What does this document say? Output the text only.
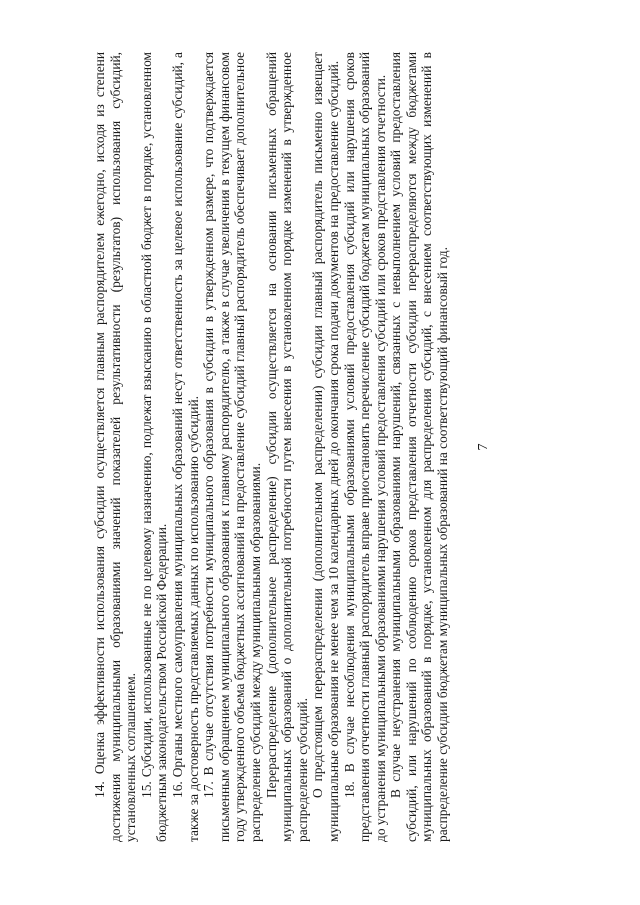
7

14. Оценка эффективности использования субсидии осуществляется главным распорядителем ежегодно, исходя из степени достижения муниципальными образованиями значений показателей результативности (результатов) использования субсидий, установленных соглашением. 15. Субсидии, использованные не по целевому назначению, подлежат взысканию в областной бюджет в порядке, установленном бюджетным законодательством Российской Федерации. 16. Органы местного самоуправления муниципальных образований несут ответственность за целевое использование субсидий, а также за достоверность представляемых данных по использованию субсидий. 17. В случае отсутствия потребности муниципального образования в субсидии в утвержденном размере, что подтверждается письменным обращением муниципального образования к главному распорядителю, а также в случае увеличения в текущем финансовом году утвержденного объема бюджетных ассигнований на предоставление субсидий главный распорядитель обеспечивает дополнительное распределение субсидий между муниципальными образованиями. Перераспределение (дополнительное распределение) субсидии осуществляется на основании письменных обращений муниципальных образований о дополнительной потребности путем внесения в установленном порядке изменений в утвержденное распределение субсидий. О предстоящем перераспределении (дополнительном распределении) субсидии главный распорядитель письменно извещает муниципальные образования не менее чем за 10 календарных дней до окончания срока подачи документов на предоставление субсидий. 18. В случае несоблюдения муниципальными образованиями условий предоставления субсидий или нарушения сроков представления отчетности главный распорядитель вправе приостановить перечисление субсидий бюджетам муниципальных образований до устранения муниципальными образованиями нарушения условий предоставления субсидий или сроков представления отчетности. В случае неустранения муниципальными образованиями нарушений, связанных с невыполнением условий предоставления субсидий, или нарушений по соблюдению сроков представления отчетности субсидии перераспределяются между бюджетами муниципальных образований в порядке, установленном для распределения субсидий, с внесением соответствующих изменений в распределение субсидии бюджетам муниципальных образований на соответствующий финансовый год.
